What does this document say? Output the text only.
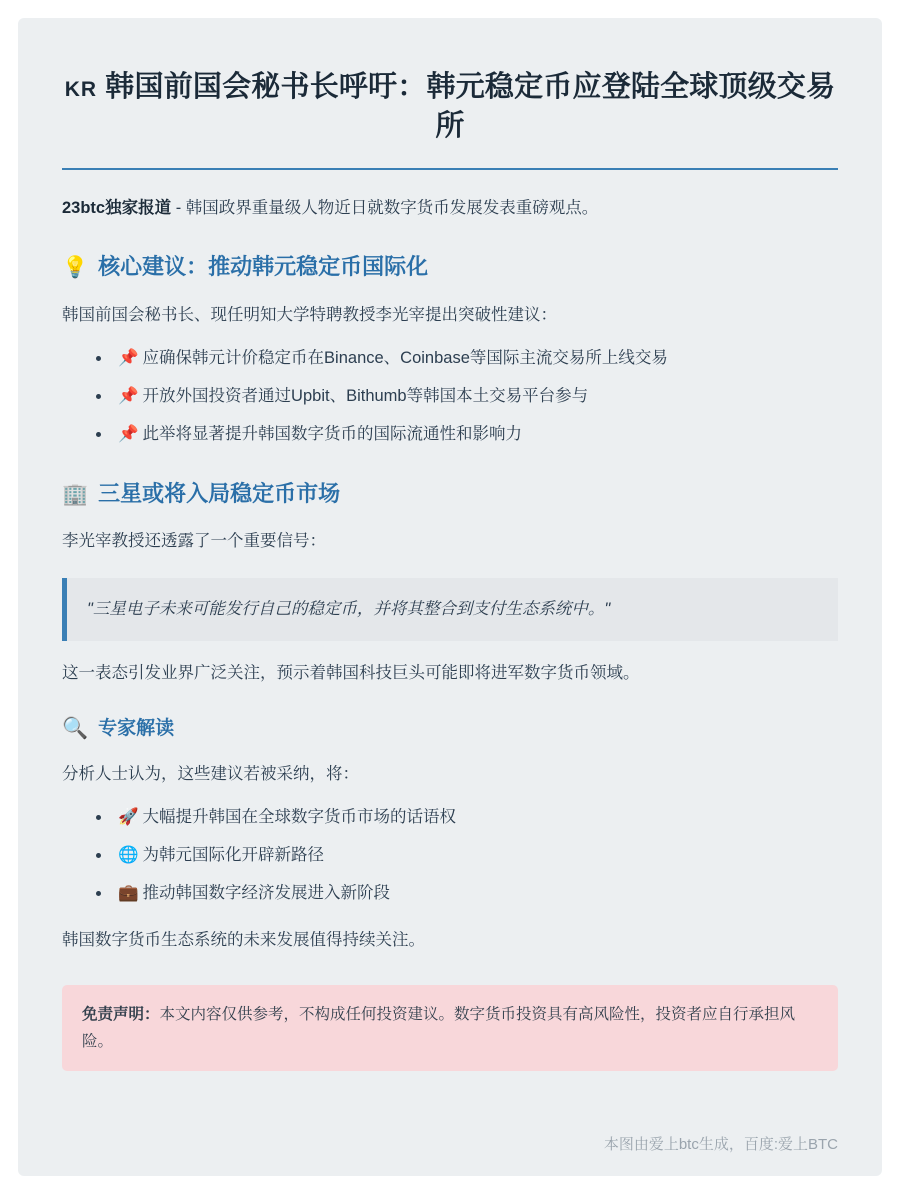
KR 韩国前国会秘书长呼吁：韩元稳定币应登陆全球顶级交易所

23btc独家报道 - 韩国政界重量级人物近日就数字货币发展发表重磅观点。

💡 核心建议：推动韩元稳定币国际化

韩国前国会秘书长、现任明知大学特聘教授李光宰提出突破性建议：

• 📌 应确保韩元计价稳定币在Binance、Coinbase等国际主流交易所上线交易
• 📌 开放外国投资者通过Upbit、Bithumb等韩国本土交易平台参与
• 📌 此举将显著提升韩国数字货币的国际流通性和影响力
🏢 三星或将入局稳定币市场

李光宰教授还透露了一个重要信号：

"三星电子未来可能发行自己的稳定币，并将其整合到支付生态系统中。"

这一表态引发业界广泛关注，预示着韩国科技巨头可能即将进军数字货币领域。

🔍 专家解读

分析人士认为，这些建议若被采纳，将：

• 🚀 大幅提升韩国在全球数字货币市场的话语权
• 🌐 为韩元国际化开辟新路径
• 💼 推动韩国数字经济发展进入新阶段

韩国数字货币生态系统的未来发展值得持续关注。

免责声明：本文内容仅供参考，不构成任何投资建议。数字货币投资具有高风险性，投资者应自行承担风险。
本图由爱上btc生成，百度:爱上BTC
